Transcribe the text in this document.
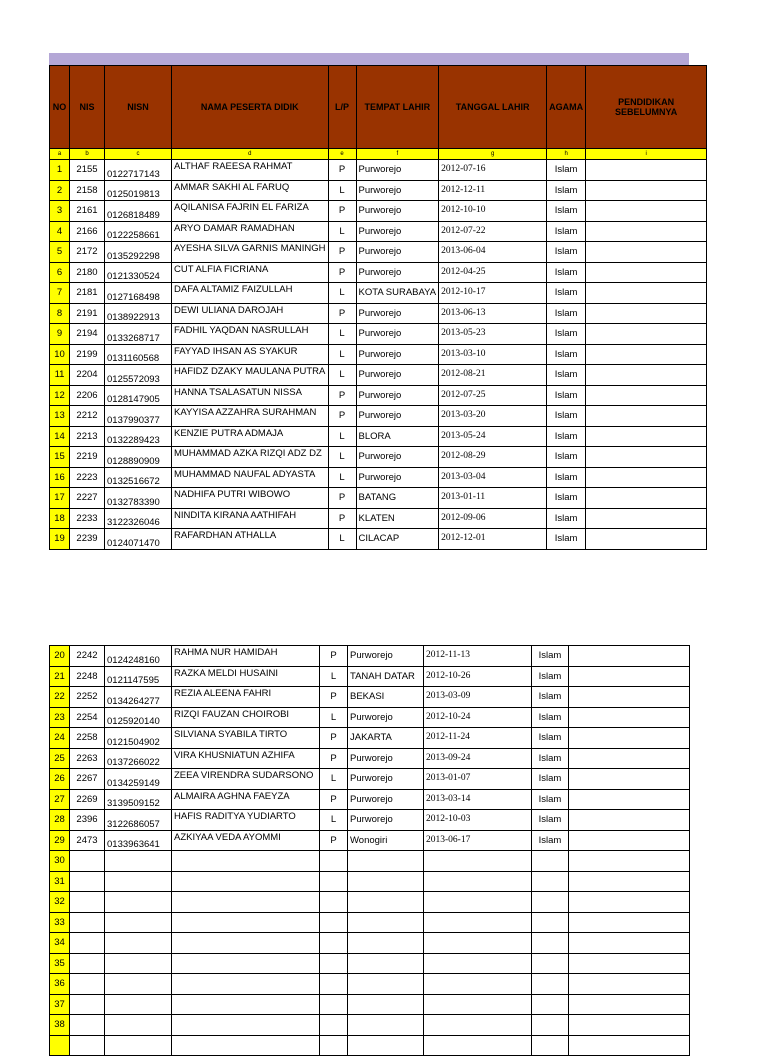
NO	NIS	NISN	NAMA PESERTA DIDIK	L/P	TEMPAT LAHIR	TANGGAL LAHIR	AGAMA	PENDIDIKAN SEBELUMNYA
a	b	c	d	e	f	g	h	i
1	2155	0122717143	ALTHAF RAEESA RAHMAT	P	Purworejo	2012-07-16	Islam	
2	2158	0125019813	AMMAR SAKHI AL FARUQ	L	Purworejo	2012-12-11	Islam	
3	2161	0126818489	AQILANISA FAJRIN EL FARIZA	P	Purworejo	2012-10-10	Islam	
4	2166	0122258661	ARYO DAMAR RAMADHAN	L	Purworejo	2012-07-22	Islam	
5	2172	0135292298	AYESHA SILVA GARNIS MANINGH	P	Purworejo	2013-06-04	Islam	
6	2180	0121330524	CUT ALFIA FICRIANA	P	Purworejo	2012-04-25	Islam	
7	2181	0127168498	DAFA ALTAMIZ FAIZULLAH	L	KOTA SURABAYA	2012-10-17	Islam	
8	2191	0138922913	DEWI ULIANA DAROJAH	P	Purworejo	2013-06-13	Islam	
9	2194	0133268717	FADHIL YAQDAN NASRULLAH	L	Purworejo	2013-05-23	Islam	
10	2199	0131160568	FAYYAD IHSAN AS SYAKUR	L	Purworejo	2013-03-10	Islam	
11	2204	0125572093	HAFIDZ DZAKY MAULANA PUTRA	L	Purworejo	2012-08-21	Islam	
12	2206	0128147905	HANNA TSALASATUN NISSA	P	Purworejo	2012-07-25	Islam	
13	2212	0137990377	KAYYISA AZZAHRA SURAHMAN	P	Purworejo	2013-03-20	Islam	
14	2213	0132289423	KENZIE PUTRA ADMAJA	L	BLORA	2013-05-24	Islam	
15	2219	0128890909	MUHAMMAD AZKA RIZQI ADZ DZ	L	Purworejo	2012-08-29	Islam	
16	2223	0132516672	MUHAMMAD NAUFAL ADYASTA	L	Purworejo	2013-03-04	Islam	
17	2227	0132783390	NADHIFA PUTRI WIBOWO	P	BATANG	2013-01-11	Islam	
18	2233	3122326046	NINDITA KIRANA AATHIFAH	P	KLATEN	2012-09-06	Islam	
19	2239	0124071470	RAFARDHAN ATHALLA	L	CILACAP	2012-12-01	Islam	
20	2242	0124248160	RAHMA NUR HAMIDAH	P	Purworejo	2012-11-13	Islam	
21	2248	0121147595	RAZKA MELDI HUSAINI	L	TANAH DATAR	2012-10-26	Islam	
22	2252	0134264277	REZIA ALEENA FAHRI	P	BEKASI	2013-03-09	Islam	
23	2254	0125920140	RIZQI FAUZAN CHOIROBI	L	Purworejo	2012-10-24	Islam	
24	2258	0121504902	SILVIANA SYABILA TIRTO	P	JAKARTA	2012-11-24	Islam	
25	2263	0137266022	VIRA KHUSNIATUN AZHIFA	P	Purworejo	2013-09-24	Islam	
26	2267	0134259149	ZEEA VIRENDRA SUDARSONO	L	Purworejo	2013-01-07	Islam	
27	2269	3139509152	ALMAIRA AGHNA FAEYZA	P	Purworejo	2013-03-14	Islam	
28	2396	3122686057	HAFIS RADITYA YUDIARTO	L	Purworejo	2012-10-03	Islam	
29	2473	0133963641	AZKIYAA VEDA AYOMMI	P	Wonogiri	2013-06-17	Islam	
30								
31								
32								
33								
34								
35								
36								
37								
38								
